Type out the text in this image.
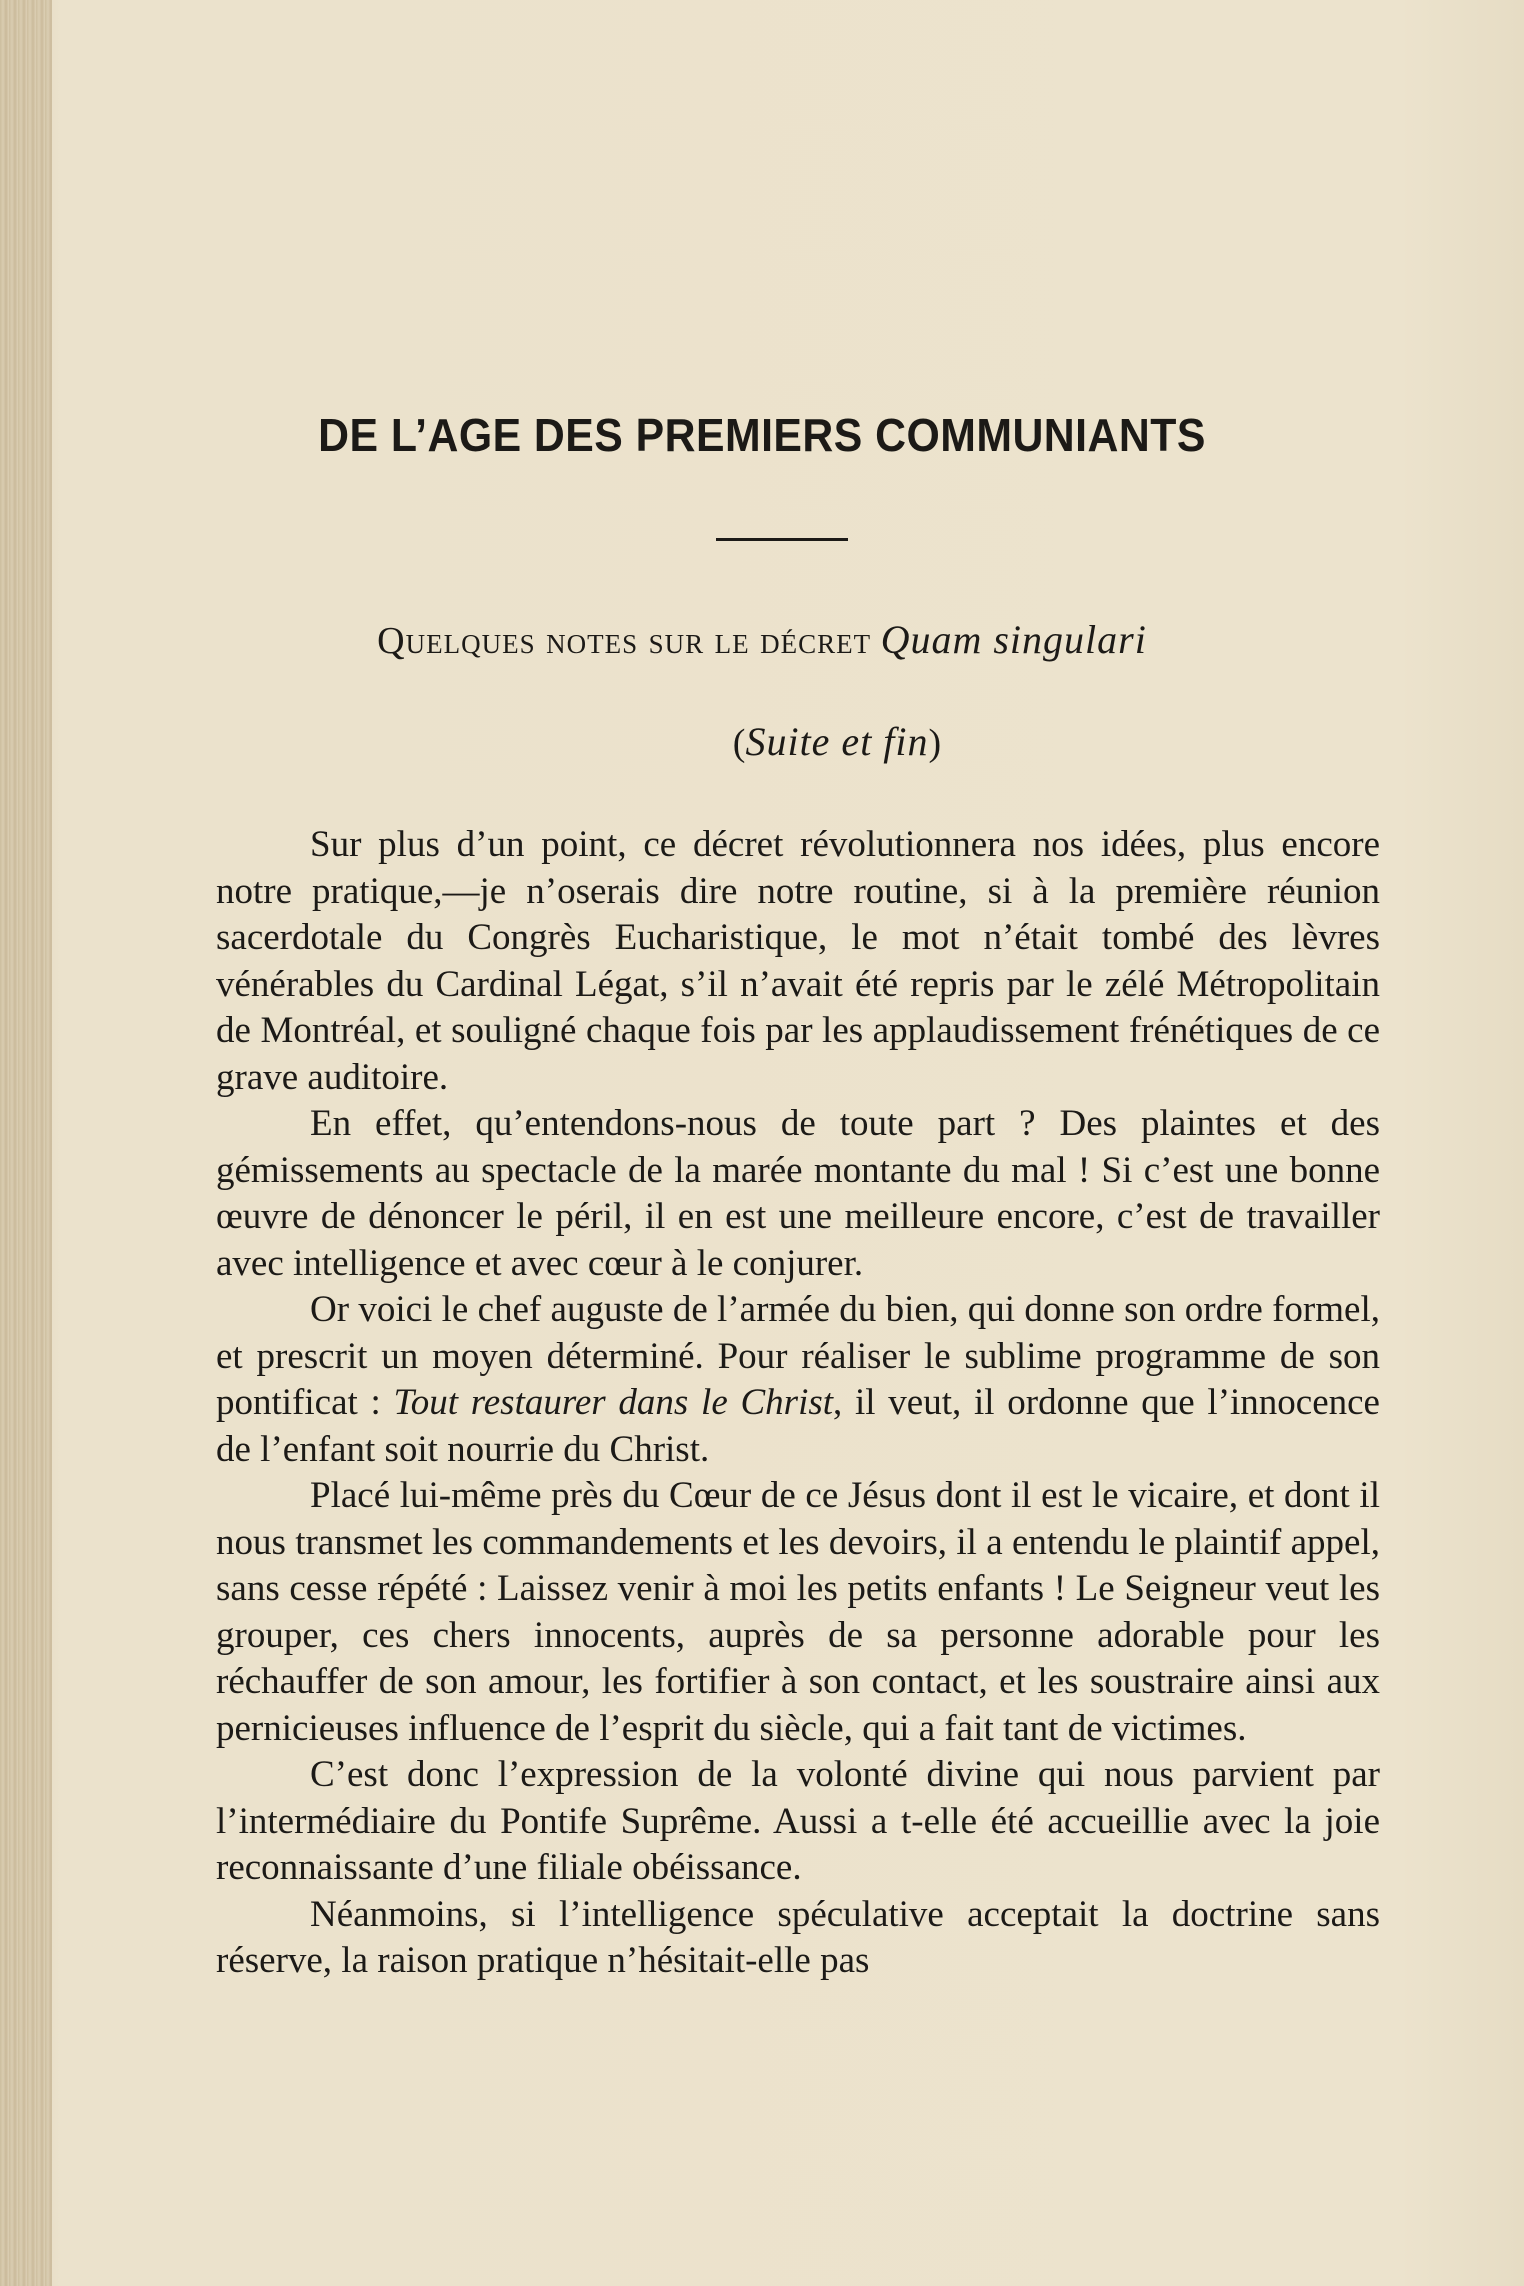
DE L’AGE DES PREMIERS COMMUNIANTS
Quelques notes sur le décret Quam singulari
(Suite et fin)

Sur plus d’un point, ce décret révolutionnera nos idées, plus encore notre pratique,—je n’oserais dire notre routine, si à la première réunion sacerdotale du Congrès Eucharistique, le mot n’était tombé des lèvres vénérables du Cardinal Légat, s’il n’avait été repris par le zélé Métropolitain de Montréal, et souligné chaque fois par les applaudissement frénétiques de ce grave auditoire.

En effet, qu’entendons-nous de toute part ? Des plaintes et des gémissements au spectacle de la marée montante du mal ! Si c’est une bonne œuvre de dénoncer le péril, il en est une meilleure encore, c’est de travailler avec intelligence et avec cœur à le conjurer.

Or voici le chef auguste de l’armée du bien, qui donne son ordre formel, et prescrit un moyen déterminé. Pour réaliser le sublime programme de son pontificat : Tout restaurer dans le Christ, il veut, il ordonne que l’innocence de l’enfant soit nourrie du Christ.

Placé lui-même près du Cœur de ce Jésus dont il est le vicaire, et dont il nous transmet les commandements et les devoirs, il a entendu le plaintif appel, sans cesse répété : Laissez venir à moi les petits enfants ! Le Seigneur veut les grouper, ces chers innocents, auprès de sa personne adorable pour les réchauffer de son amour, les fortifier à son contact, et les soustraire ainsi aux pernicieuses influence de l’esprit du siècle, qui a fait tant de victimes.

C’est donc l’expression de la volonté divine qui nous parvient par l’intermédiaire du Pontife Suprême. Aussi a t-elle été accueillie avec la joie reconnaissante d’une filiale obéissance.

Néanmoins, si l’intelligence spéculative acceptait la doctrine sans réserve, la raison pratique n’hésitait-elle pas
